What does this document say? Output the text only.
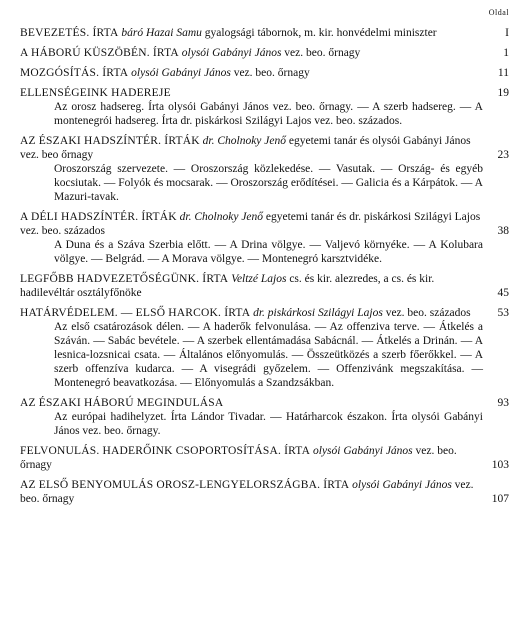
Oldal
BEVEZETÉS. ÍRTA báró Hazai Samu gyalogsági tábornok, m. kir. honvédelmi miniszter	I
A HÁBORÚ KÜSZÖBÉN. ÍRTA olysói Gabányi János vez. beo. őrnagy	1
MOZGÓSÍTÁS. ÍRTA olysói Gabányi János vez. beo. őrnagy	11
ELLENSÉGEINK HADEREJE	19
Az orosz hadsereg. Írta olysói Gabányi János vez. beo. őrnagy. — A szerb hadsereg. — A montenegrói hadsereg. Írta dr. piskárkosi Szilágyi Lajos vez. beo. százados.
AZ ÉSZAKI HADSZÍNTÉR. ÍRTÁK dr. Cholnoky Jenő egyetemi tanár és olysói Gabányi János vez. beo őrnagy	23
Oroszország szervezete. — Oroszország közlekedése. — Vasutak. — Ország- és egyéb kocsiutak. — Folyók és mocsarak. — Oroszország erődítései. — Galicia és a Kárpátok. — A Mazuri-tavak.
A DÉLI HADSZÍNTÉR. ÍRTÁK dr. Cholnoky Jenő egyetemi tanár és dr. piskárkosi Szilágyi Lajos vez. beo. százados	38
A Duna és a Száva Szerbia előtt. — A Drina völgye. — Valjevó környéke. — A Kolubara völgye. — Belgrád. — A Morava völgye. — Montenegró karsztvidéke.
LEGFŐBB HADVEZETŐSÉGÜNK. ÍRTA Veltzé Lajos cs. és kir. alezredes, a cs. és kir. hadilevéltár osztályfőnöke	45
HATÁRVÉDELEM. — ELSŐ HARCOK. ÍRTA dr. piskárkosi Szilágyi Lajos vez. beo. százados	53
Az első csatározások délen. — A haderők felvonulása. — Az offenziva terve. — Átkelés a Száván. — Sabác bevétele. — A szerbek ellentámadása Sabácnál. — Átkelés a Drinán. — A lesnica-lozsnicai csata. — Általános előnyomulás. — Összeütközés a szerb főerőkkel. — A szerb offenzíva kudarca. — A visegrádi győzelem. — Offenzivánk megszakítása. — Montenegró beavatkozása. — Előnyomulás a Szandzsákban.
AZ ÉSZAKI HÁBORÚ MEGINDULÁSA	93
Az európai hadihelyzet. Írta Lándor Tivadar. — Határharcok északon. Írta olysói Gabányi János vez. beo. őrnagy.
FELVONULÁS. HADERŐINK CSOPORTOSÍTÁSA. ÍRTA olysói Gabányi János vez. beo. őrnagy	103
AZ ELSŐ BENYOMULÁS OROSZ-LENGYELORSZÁGBA. ÍRTA olysói Gabányi János vez. beo. őrnagy	107
